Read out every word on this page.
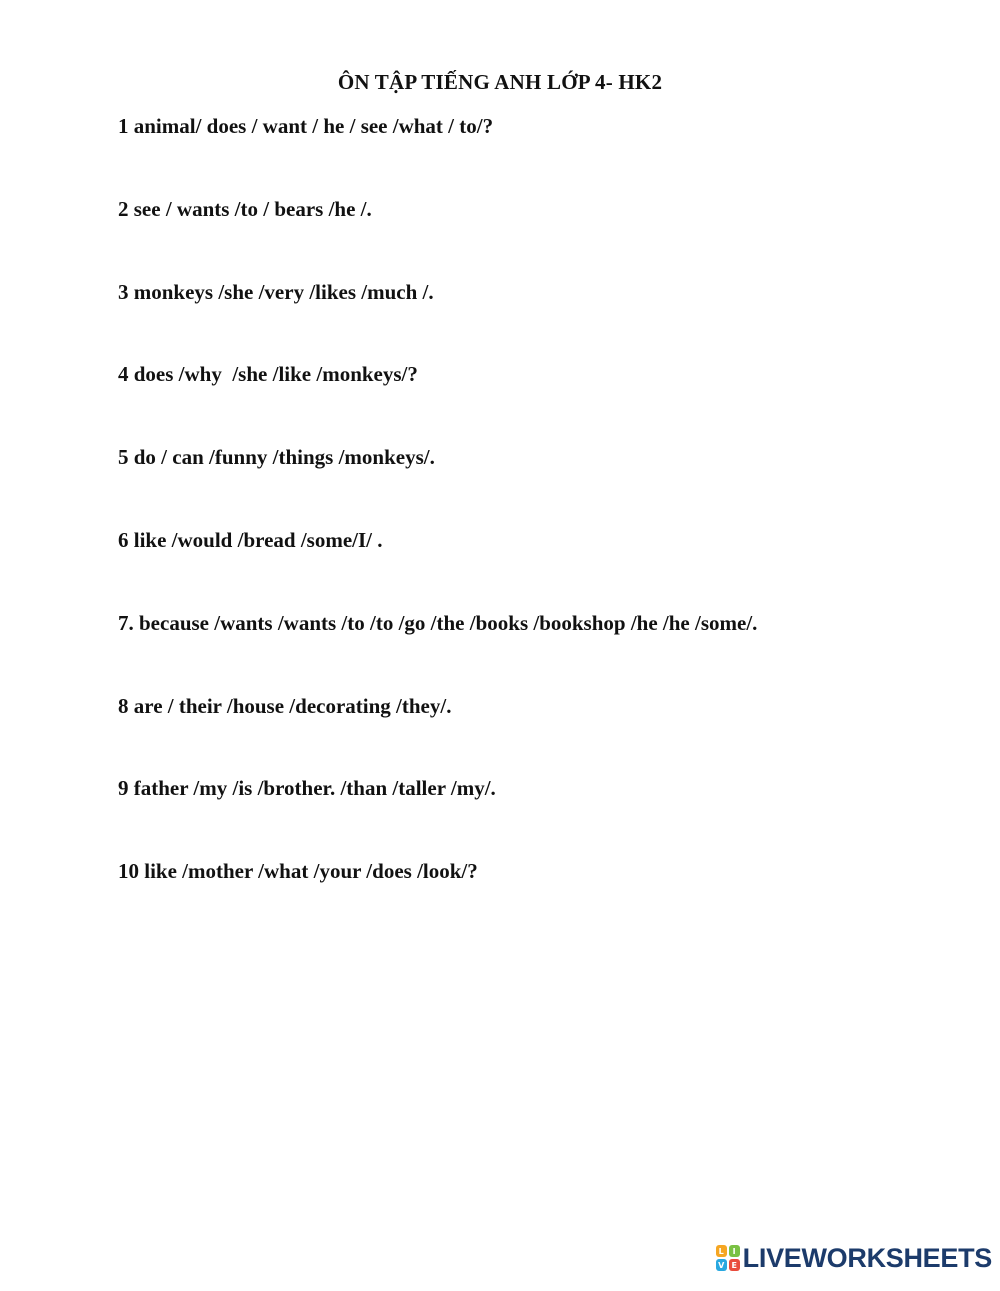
ÔN TẬP TIẾNG ANH LỚP 4- HK2
1 animal/ does / want / he / see /what / to/?
2 see / wants /to / bears /he /.
3 monkeys /she /very /likes /much /.
4 does /why  /she /like /monkeys/?
5 do / can /funny /things /monkeys/.
6 like /would /bread /some/I/ .
7. because /wants /wants /to /to /go /the /books /bookshop /he /he /some/.
8 are / their /house /decorating /they/.
9 father /my /is /brother. /than /taller /my/.
10 like /mother /what /your /does /look/?
L	I
V E LIVEWORKSHEETS
